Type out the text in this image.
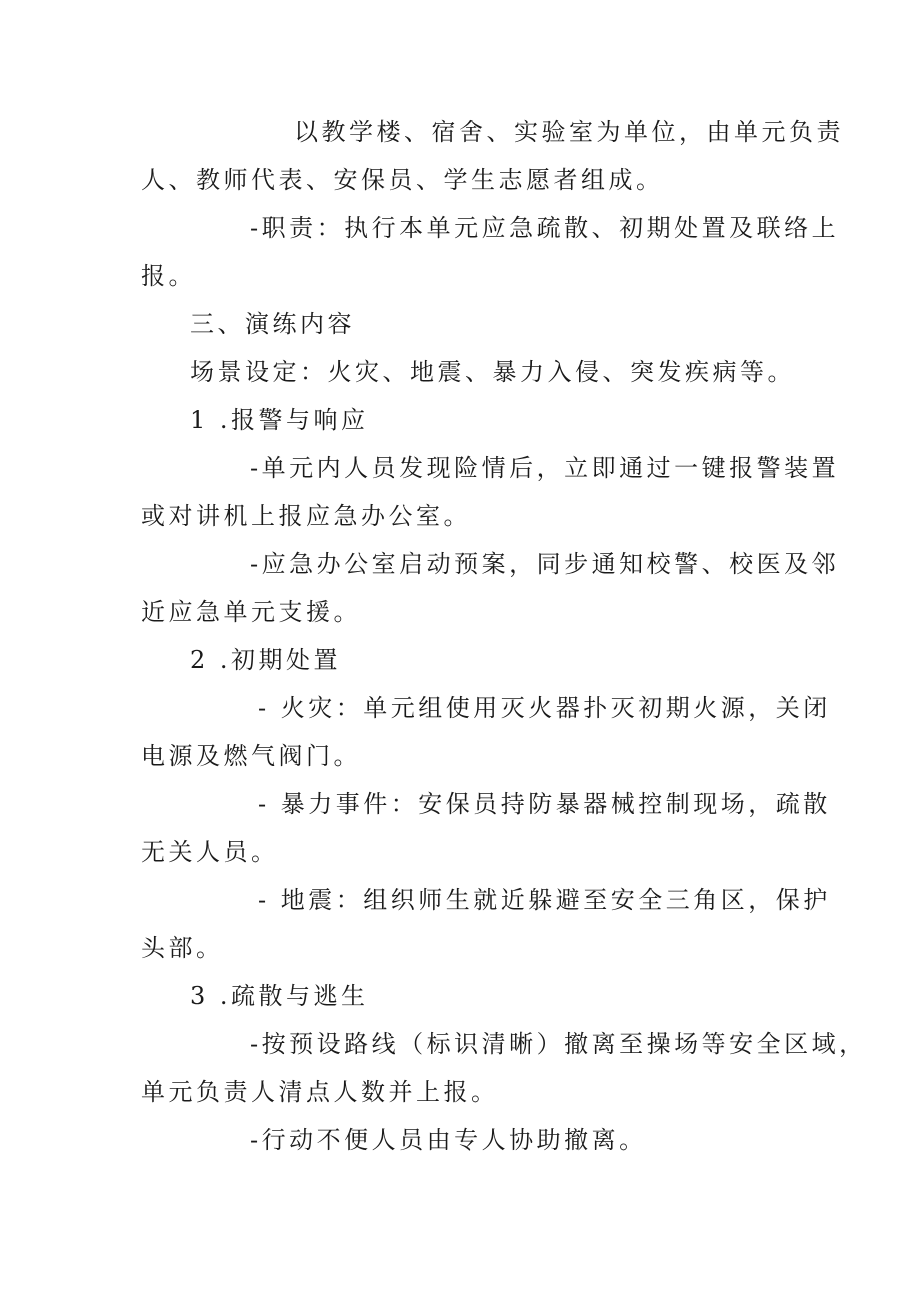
以教学楼、宿舍、实验室为单位，由单元负责
人、教师代表、安保员、学生志愿者组成。
-职责：执行本单元应急疏散、初期处置及联络上
报。
三、演练内容
场景设定：火灾、地震、暴力入侵、突发疾病等。
1 .报警与响应
-单元内人员发现险情后，立即通过一键报警装置
或对讲机上报应急办公室。
-应急办公室启动预案，同步通知校警、校医及邻
近应急单元支援。
2 .初期处置
- 火灾：单元组使用灭火器扑灭初期火源，关闭
电源及燃气阀门。
- 暴力事件：安保员持防暴器械控制现场，疏散
无关人员。
- 地震：组织师生就近躲避至安全三角区，保护
头部。
3 .疏散与逃生
-按预设路线（标识清晰）撤离至操场等安全区域，
单元负责人清点人数并上报。
-行动不便人员由专人协助撤离。
